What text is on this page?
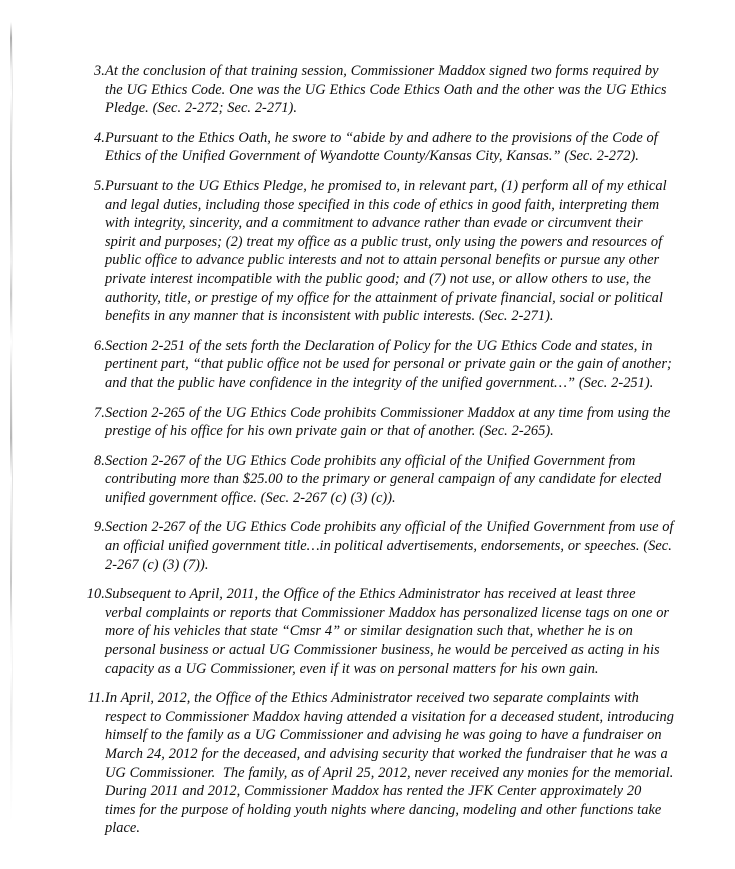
3. At the conclusion of that training session, Commissioner Maddox signed two forms required by the UG Ethics Code. One was the UG Ethics Code Ethics Oath and the other was the UG Ethics Pledge. (Sec. 2-272; Sec. 2-271).
4. Pursuant to the Ethics Oath, he swore to “abide by and adhere to the provisions of the Code of Ethics of the Unified Government of Wyandotte County/Kansas City, Kansas.” (Sec. 2-272).
5. Pursuant to the UG Ethics Pledge, he promised to, in relevant part, (1) perform all of my ethical and legal duties, including those specified in this code of ethics in good faith, interpreting them with integrity, sincerity, and a commitment to advance rather than evade or circumvent their spirit and purposes; (2) treat my office as a public trust, only using the powers and resources of public office to advance public interests and not to attain personal benefits or pursue any other private interest incompatible with the public good; and (7) not use, or allow others to use, the authority, title, or prestige of my office for the attainment of private financial, social or political benefits in any manner that is inconsistent with public interests. (Sec. 2-271).
6. Section 2-251 of the sets forth the Declaration of Policy for the UG Ethics Code and states, in pertinent part, “that public office not be used for personal or private gain or the gain of another; and that the public have confidence in the integrity of the unified government…” (Sec. 2-251).
7. Section 2-265 of the UG Ethics Code prohibits Commissioner Maddox at any time from using the prestige of his office for his own private gain or that of another. (Sec. 2-265).
8. Section 2-267 of the UG Ethics Code prohibits any official of the Unified Government from contributing more than $25.00 to the primary or general campaign of any candidate for elected unified government office. (Sec. 2-267 (c) (3) (c)).
9. Section 2-267 of the UG Ethics Code prohibits any official of the Unified Government from use of an official unified government title…in political advertisements, endorsements, or speeches. (Sec. 2-267 (c) (3) (7)).
10. Subsequent to April, 2011, the Office of the Ethics Administrator has received at least three verbal complaints or reports that Commissioner Maddox has personalized license tags on one or more of his vehicles that state “Cmsr 4” or similar designation such that, whether he is on personal business or actual UG Commissioner business, he would be perceived as acting in his capacity as a UG Commissioner, even if it was on personal matters for his own gain.
11. In April, 2012, the Office of the Ethics Administrator received two separate complaints with respect to Commissioner Maddox having attended a visitation for a deceased student, introducing himself to the family as a UG Commissioner and advising he was going to have a fundraiser on March 24, 2012 for the deceased, and advising security that worked the fundraiser that he was a UG Commissioner.  The family, as of April 25, 2012, never received any monies for the memorial.   During 2011 and 2012, Commissioner Maddox has rented the JFK Center approximately 20 times for the purpose of holding youth nights where dancing, modeling and other functions take place.
